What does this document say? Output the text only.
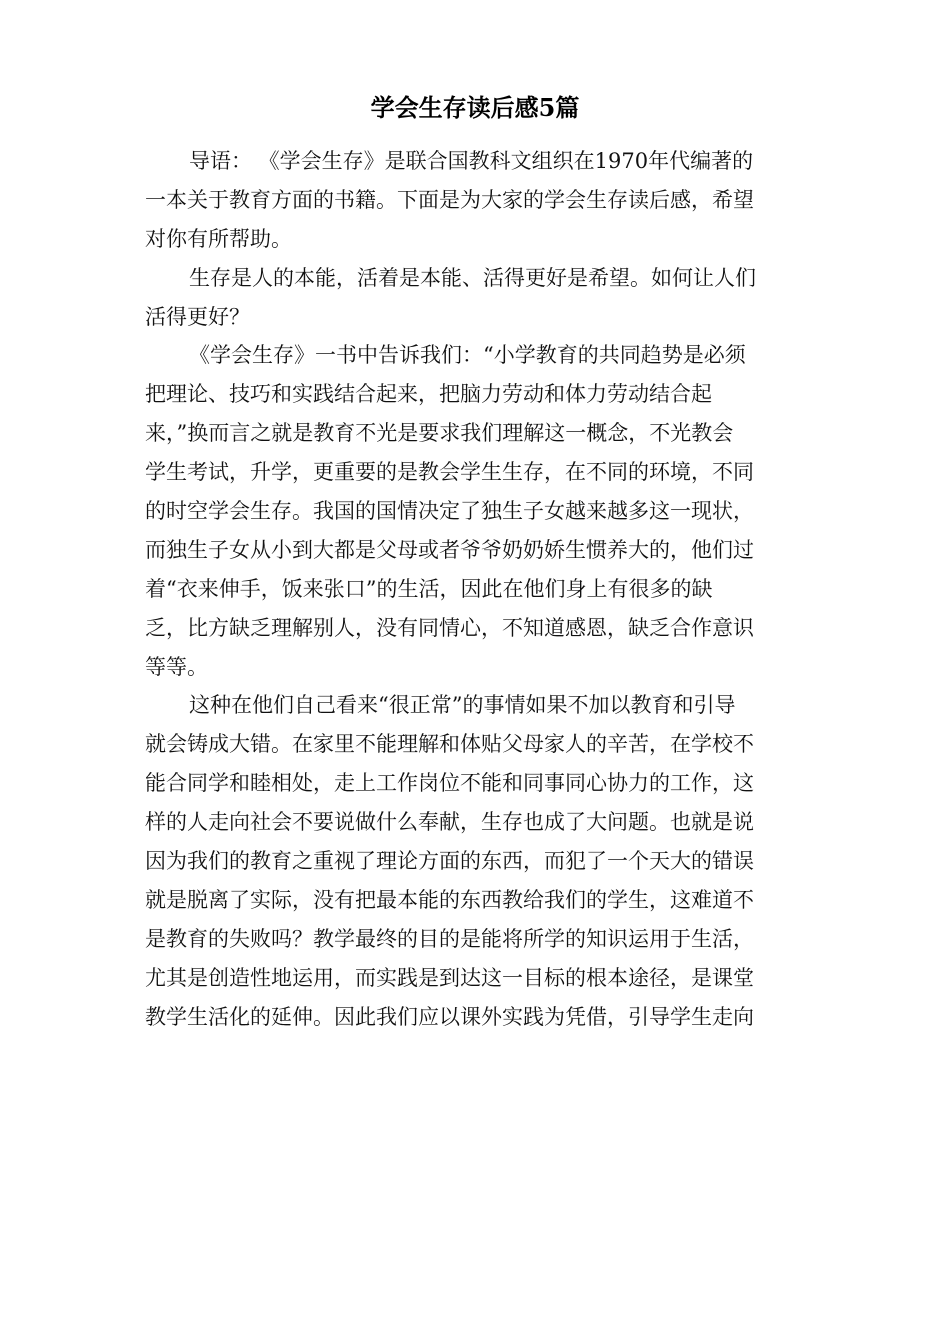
学会生存读后感5篇
导语： 《学会生存》是联合国教科文组织在1970年代编著的
一本关于教育方面的书籍。下面是为大家的学会生存读后感，希望
对你有所帮助。
生存是人的本能，活着是本能、活得更好是希望。如何让人们
活得更好？
《学会生存》一书中告诉我们：“小学教育的共同趋势是必须
把理论、技巧和实践结合起来，把脑力劳动和体力劳动结合起
来，”换而言之就是教育不光是要求我们理解这一概念，不光教会
学生考试，升学，更重要的是教会学生生存，在不同的环境，不同
的时空学会生存。我国的国情决定了独生子女越来越多这一现状，
而独生子女从小到大都是父母或者爷爷奶奶娇生惯养大的，他们过
着“衣来伸手，饭来张口”的生活，因此在他们身上有很多的缺
乏，比方缺乏理解别人，没有同情心，不知道感恩，缺乏合作意识
等等。
这种在他们自己看来“很正常”的事情如果不加以教育和引导
就会铸成大错。在家里不能理解和体贴父母家人的辛苦，在学校不
能合同学和睦相处，走上工作岗位不能和同事同心协力的工作，这
样的人走向社会不要说做什么奉献，生存也成了大问题。也就是说
因为我们的教育之重视了理论方面的东西，而犯了一个天大的错误
就是脱离了实际，没有把最本能的东西教给我们的学生，这难道不
是教育的失败吗？教学最终的目的是能将所学的知识运用于生活，
尤其是创造性地运用，而实践是到达这一目标的根本途径，是课堂
教学生活化的延伸。因此我们应以课外实践为凭借，引导学生走向
